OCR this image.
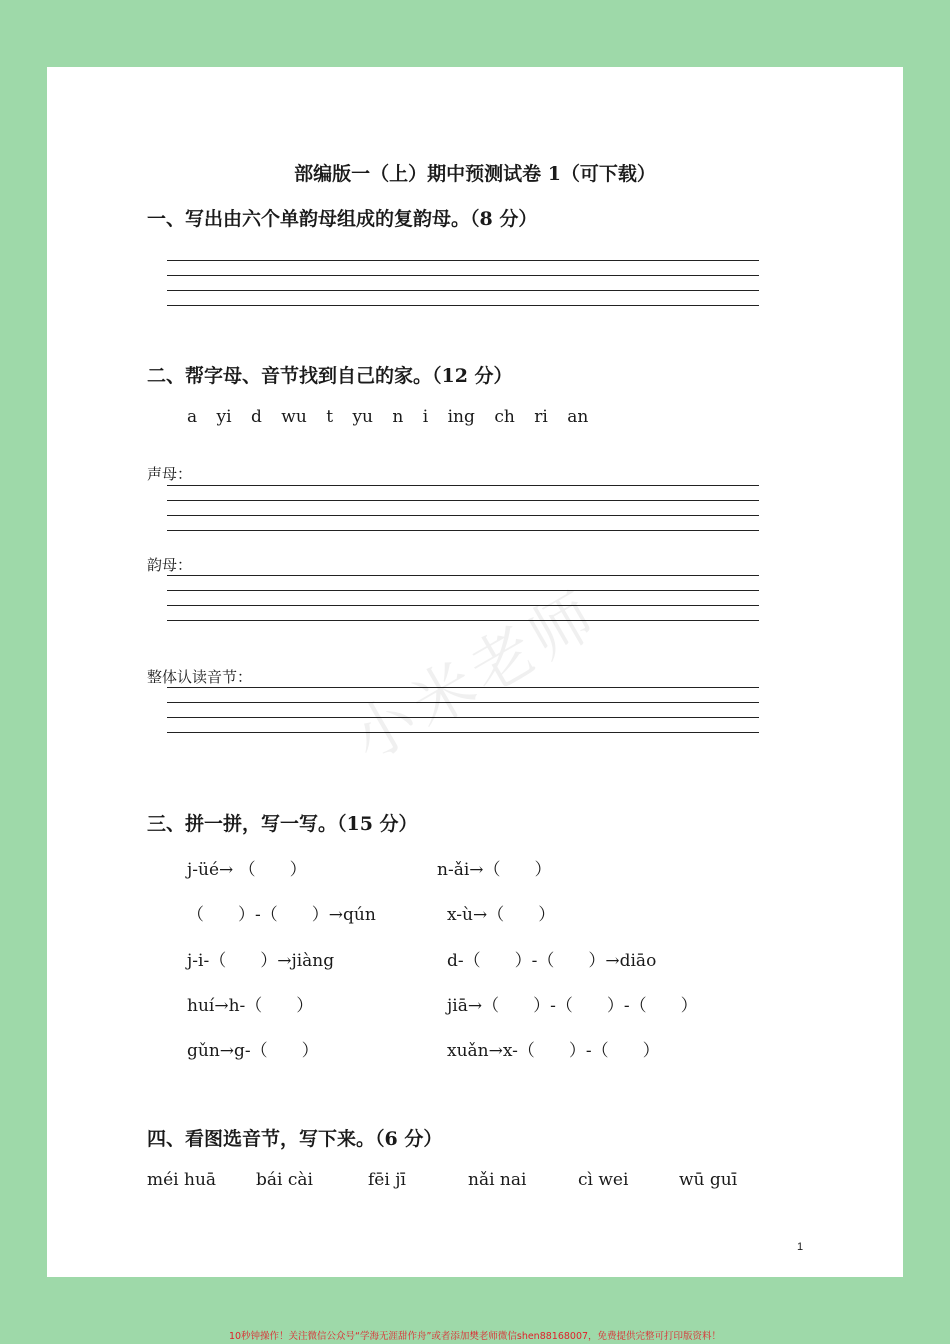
部编版一（上）期中预测试卷 1（可下载）
一、写出由六个单韵母组成的复韵母。（8 分）
二、帮字母、音节找到自己的家。（12 分）
a yi d wu t yu n i ing ch ri an
声母：
韵母：
整体认读音节：
三、拼一拼，写一写。（15 分）
j-üé→ （　　）	n-ǎi→（　　）
（　　）-（　　）→qún	x-ù→（　　）
j-i-（　　）→jiàng	d-（　　）-（　　）→diāo
huí→h-（　　）	jiā→（　　）-（　　）-（　　）
gǔn→g-（　　）	xuǎn→x-（　　）-（　　）
四、看图选音节，写下来。（6 分）
méi huā bái cài	fēi jī	nǎi nai	cì wei	wū guī
小米老师
1
10秒钟操作！关注微信公众号“学海无涯甜作舟”或者添加樊老师微信shen88168007，免费提供完整可打印版资料！
